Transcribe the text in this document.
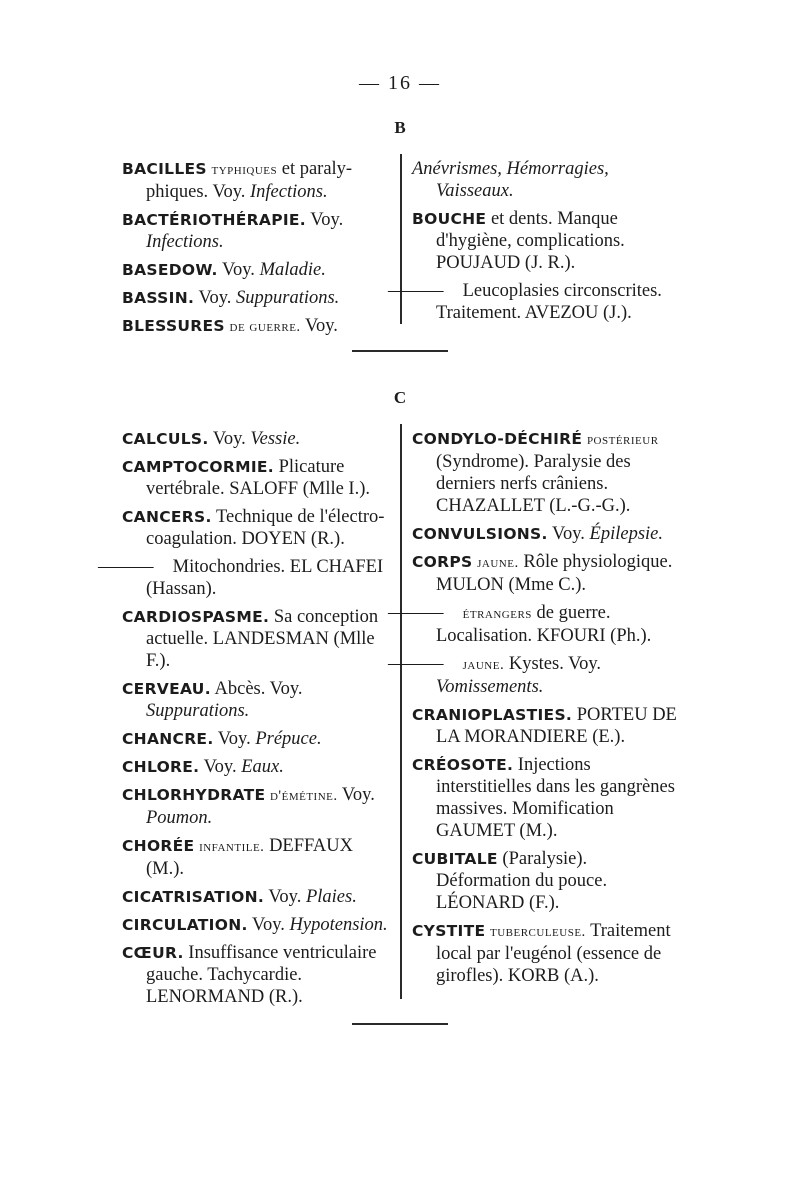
— 16 —
B

BACILLES typhiques et paraly-phiques. Voy. Infections.

BACTÉRIOTHÉRAPIE. Voy. Infections.

BASEDOW. Voy. Maladie.

BASSIN. Voy. Suppurations.

BLESSURES de guerre. Voy.

Anévrismes, Hémorragies, Vaisseaux.

BOUCHE et dents. Manque d'hygiène, complications. POUJAUD (J. R.).

——— Leucoplasies circonscrites. Traitement. AVEZOU (J.).

C

CALCULS. Voy. Vessie.

CAMPTOCORMIE. Plicature vertébrale. SALOFF (Mlle I.).

CANCERS. Technique de l'électro-coagulation. DOYEN (R.).

——— Mitochondries. EL CHAFEI (Hassan).

CARDIOSPASME. Sa conception actuelle. LANDESMAN (Mlle F.).

CERVEAU. Abcès. Voy. Suppurations.

CHANCRE. Voy. Prépuce.

CHLORE. Voy. Eaux.

CHLORHYDRATE d'émétine. Voy. Poumon.

CHORÉE infantile. DEFFAUX (M.).

CICATRISATION. Voy. Plaies.

CIRCULATION. Voy. Hypotension.

CŒUR. Insuffisance ventriculaire gauche. Tachycardie. LENORMAND (R.).

CONDYLO-DÉCHIRÉ postérieur (Syndrome). Paralysie des derniers nerfs crâniens. CHAZALLET (L.-G.-G.).

CONVULSIONS. Voy. Épilepsie.

CORPS jaune. Rôle physiologique. MULON (Mme C.).

——— étrangers de guerre. Localisation. KFOURI (Ph.).

——— jaune. Kystes. Voy. Vomissements.

CRANIOPLASTIES. PORTEU DE LA MORANDIERE (E.).

CRÉOSOTE. Injections interstitielles dans les gangrènes massives. Momification GAUMET (M.).

CUBITALE (Paralysie). Déformation du pouce. LÉONARD (F.).

CYSTITE tuberculeuse. Traitement local par l'eugénol (essence de girofles). KORB (A.).
